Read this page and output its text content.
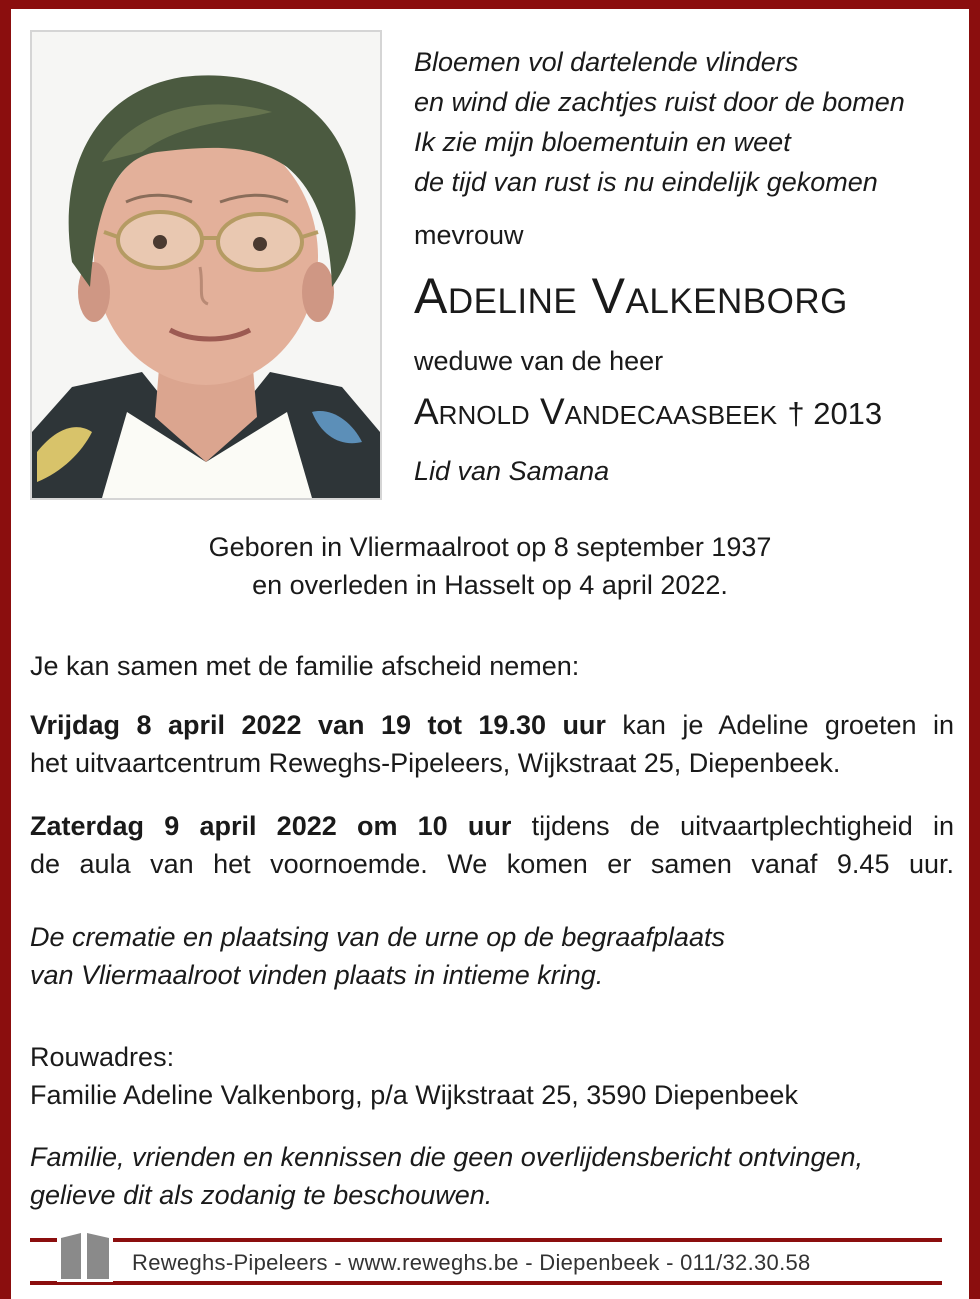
Bloemen vol dartelende vlinders
en wind die zachtjes ruist door de bomen
Ik zie mijn bloementuin en weet
de tijd van rust is nu eindelijk gekomen
mevrouw
Adeline Valkenborg
weduwe van de heer
Arnold Vandecaasbeek † 2013
Lid van Samana
Geboren in Vliermaalroot op 8 september 1937
en overleden in Hasselt op 4 april 2022.
Je kan samen met de familie afscheid nemen:
Vrijdag 8 april 2022 van 19 tot 19.30 uur kan je Adeline groeten in
het uitvaartcentrum Reweghs-Pipeleers, Wijkstraat 25, Diepenbeek.
Zaterdag 9 april 2022 om 10 uur tijdens de uitvaartplechtigheid in
de aula van het voornoemde. We komen er samen vanaf 9.45 uur.
De crematie en plaatsing van de urne op de begraafplaats
van Vliermaalroot vinden plaats in intieme kring.
Rouwadres:
Familie Adeline Valkenborg, p/a Wijkstraat 25, 3590 Diepenbeek
Familie, vrienden en kennissen die geen overlijdensbericht ontvingen,
gelieve dit als zodanig te beschouwen.
Reweghs-Pipeleers - www.reweghs.be - Diepenbeek - 011/32.30.58
